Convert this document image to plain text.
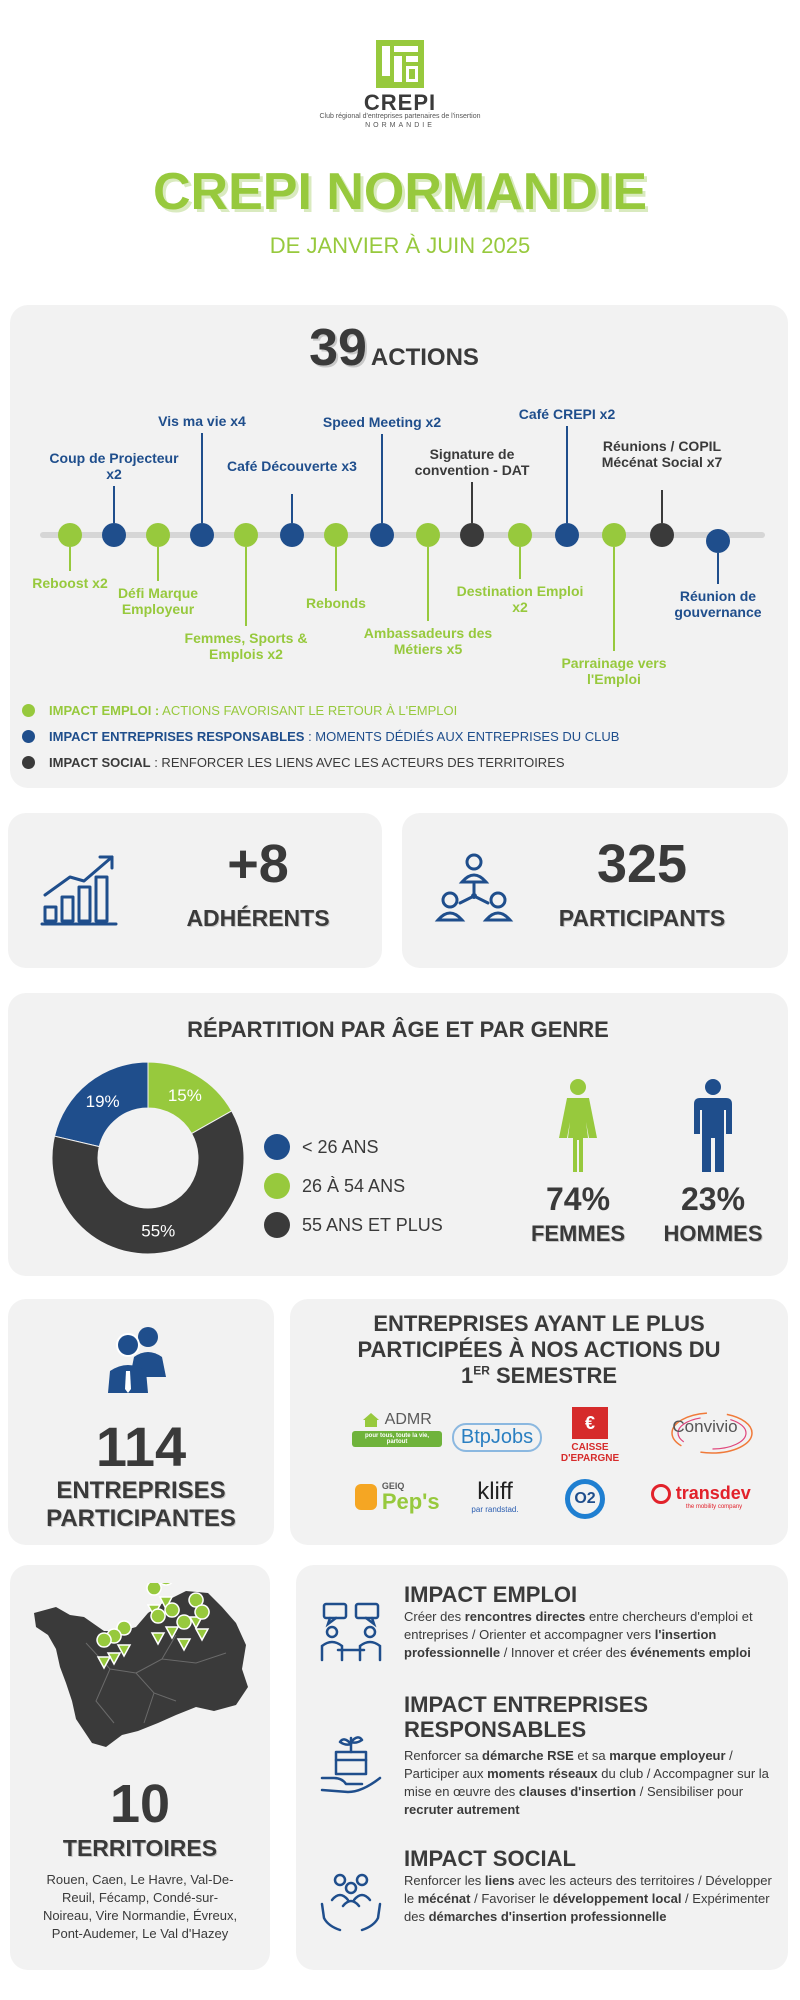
CREPI
Club régional d'entreprises partenaires de l'insertion
NORMANDIE
CREPI NORMANDIE
DE JANVIER À JUIN 2025
39 ACTIONS
Reboost x2
Coup de Projecteur x2
Défi Marque Employeur
Vis ma vie x4
Femmes, Sports & Emplois x2
Café Découverte x3
Rebonds
Speed Meeting x2
Ambassadeurs des Métiers x5
Signature de convention - DAT
Destination Emploi x2
Café CREPI x2
Parrainage vers l'Emploi
Réunions / COPIL Mécénat Social x7
Réunion de gouvernance
IMPACT EMPLOI : ACTIONS FAVORISANT LE RETOUR À L'EMPLOI
IMPACT ENTREPRISES RESPONSABLES : MOMENTS DÉDIÉS AUX ENTREPRISES DU CLUB
IMPACT SOCIAL : RENFORCER LES LIENS AVEC LES ACTEURS DES TERRITOIRES
+8
ADHÉRENTS
325
PARTICIPANTS
RÉPARTITION PAR ÂGE ET PAR GENRE
19%	15%
55%
< 26 ANS
26 À 54 ANS
55 ANS ET PLUS
74%
FEMMES
23%
HOMMES
114
ENTREPRISES
PARTICIPANTES
ENTREPRISES AYANT LE PLUS
PARTICIPÉES À NOS ACTIONS DU
1ER SEMESTRE
ADMR
pour tous, toute la vie, partout	BtpJobs
€
CAISSE D'EPARGNE
Convivio

GEIQ
Pep's	kliff
par randstad.
O2	transdev
the mobility company
10
TERRITOIRES
Rouen, Caen, Le Havre, Val-De-
Reuil, Fécamp, Condé-sur-
Noireau, Vire Normandie, Évreux,
Pont-Audemer, Le Val d'Hazey
IMPACT EMPLOI
Créer des rencontres directes entre chercheurs d'emploi et entreprises / Orienter et accompagner vers l'insertion professionnelle / Innover et créer des événements emploi
IMPACT ENTREPRISES
RESPONSABLES
Renforcer sa démarche RSE et sa marque employeur / Participer aux moments réseaux du club / Accompagner sur la mise en œuvre des clauses d'insertion / Sensibiliser pour recruter autrement
IMPACT SOCIAL
Renforcer les liens avec les acteurs des territoires / Développer le mécénat / Favoriser le développement local / Expérimenter des démarches d'insertion professionnelle
